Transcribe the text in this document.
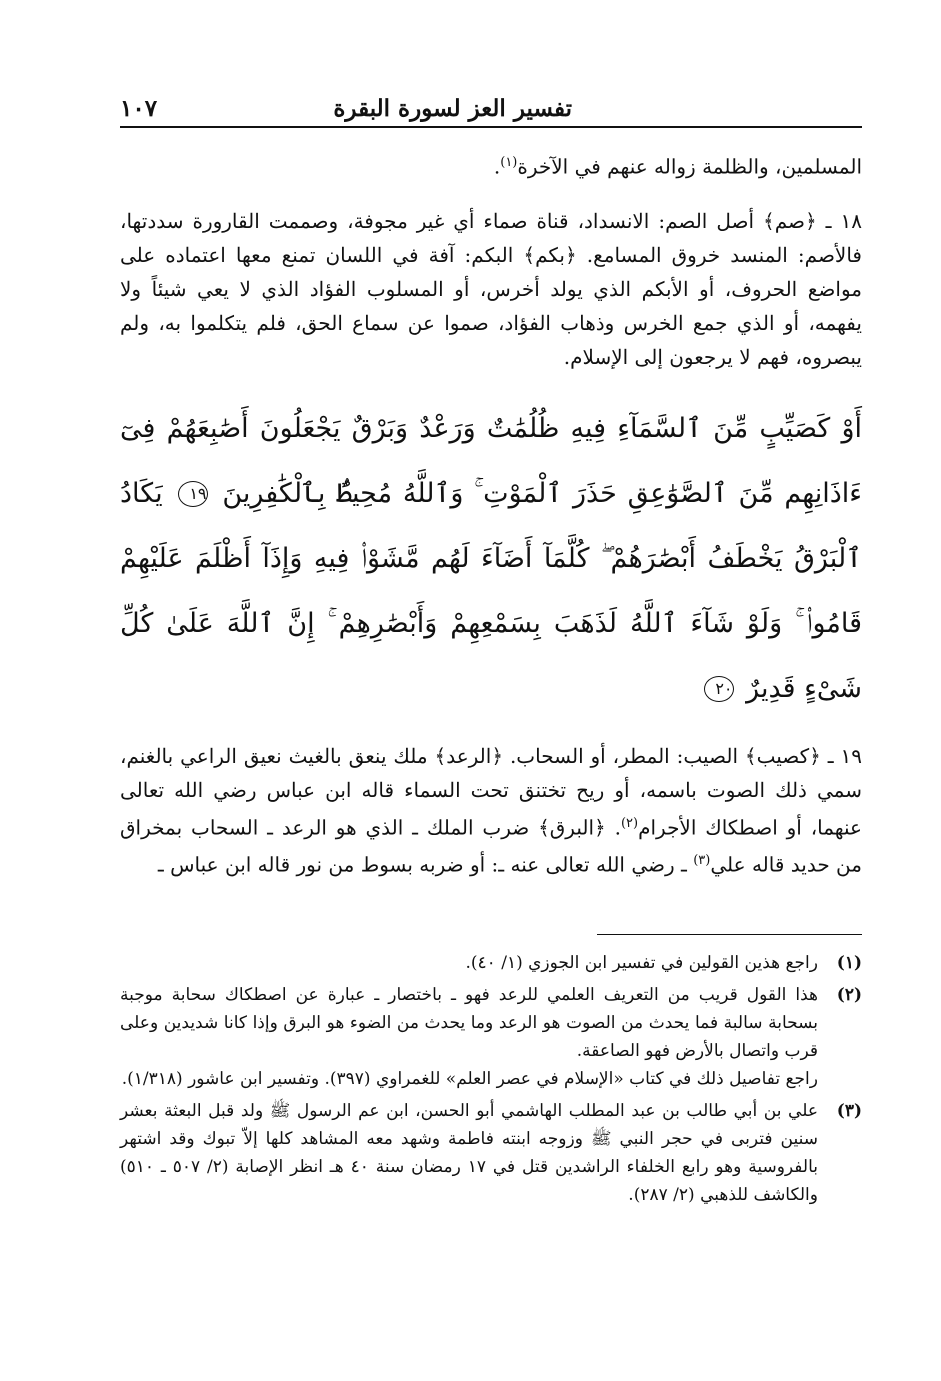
تفسير العز لسورة البقرة
١٠٧

المسلمين، والظلمة زواله عنهم في الآخرة$^{(١)}$.

١٨ ـ ﴿صم﴾ أصل الصم: الانسداد، قناة صماء أي غير مجوفة، وصممت القارورة سددتها، فالأصم: المنسد خروق المسامع. ﴿بكم﴾ البكم: آفة في اللسان تمنع معها اعتماده على مواضع الحروف، أو الأبكم الذي يولد أخرس، أو المسلوب الفؤاد الذي لا يعي شيئاً ولا يفهمه، أو الذي جمع الخرس وذهاب الفؤاد، صموا عن سماع الحق، فلم يتكلموا به، ولم يبصروه، فهم لا يرجعون إلى الإسلام.

أَوْ كَصَيِّبٍ مِّنَ ٱلسَّمَآءِ فِيهِ ظُلُمَٰتٌ وَرَعْدٌ وَبَرْقٌ يَجْعَلُونَ أَصَٰبِعَهُمْ فِىٓ ءَاذَانِهِم مِّنَ ٱلصَّوَٰعِقِ حَذَرَ ٱلْمَوْتِ ۚ وَٱللَّهُ مُحِيطٌۢ بِٱلْكَٰفِرِينَ ١٩ يَكَادُ ٱلْبَرْقُ يَخْطَفُ أَبْصَٰرَهُمْ ۖ كُلَّمَآ أَضَآءَ لَهُم مَّشَوْا۟ فِيهِ وَإِذَآ أَظْلَمَ عَلَيْهِمْ قَامُوا۟ ۚ وَلَوْ شَآءَ ٱللَّهُ لَذَهَبَ بِسَمْعِهِمْ وَأَبْصَٰرِهِمْ ۚ إِنَّ ٱللَّهَ عَلَىٰ كُلِّ شَىْءٍ قَدِيرٌ ٢٠

١٩ ـ ﴿كصيب﴾ الصيب: المطر، أو السحاب. ﴿الرعد﴾ ملك ينعق بالغيث نعيق الراعي بالغنم، سمي ذلك الصوت باسمه، أو ريح تختنق تحت السماء قاله ابن عباس رضي الله تعالى عنهما، أو اصطكاك الأجرام$^{(٢)}$. ﴿البرق﴾ ضرب الملك ـ الذي هو الرعد ـ السحاب بمخراق من حديد قاله علي$^{(٣)}$ ـ رضي الله تعالى عنه ـ: أو ضربه بسوط من نور قاله ابن عباس ـ

(١)

راجع هذين القولين في تفسير ابن الجوزي (١/ ٤٠).

(٢)

هذا القول قريب من التعريف العلمي للرعد فهو ـ باختصار ـ عبارة عن اصطكاك سحابة موجبة بسحابة سالبة فما يحدث من الصوت هو الرعد وما يحدث من الضوء هو البرق وإذا كانا شديدين وعلى قرب واتصال بالأرض فهو الصاعقة.

راجع تفاصيل ذلك في كتاب «الإسلام في عصر العلم» للغمراوي (٣٩٧). وتفسير ابن عاشور (١/٣١٨).

(٣)

علي بن أبي طالب بن عبد المطلب الهاشمي أبو الحسن، ابن عم الرسول ﷺ ولد قبل البعثة بعشر سنين فتربى في حجر النبي ﷺ وزوجه ابنته فاطمة وشهد معه المشاهد كلها إلاّ تبوك وقد اشتهر بالفروسية وهو رابع الخلفاء الراشدين قتل في ١٧ رمضان سنة ٤٠ هـ انظر الإصابة (٢/ ٥٠٧ ـ ٥١٠) والكاشف للذهبي (٢/ ٢٨٧).
